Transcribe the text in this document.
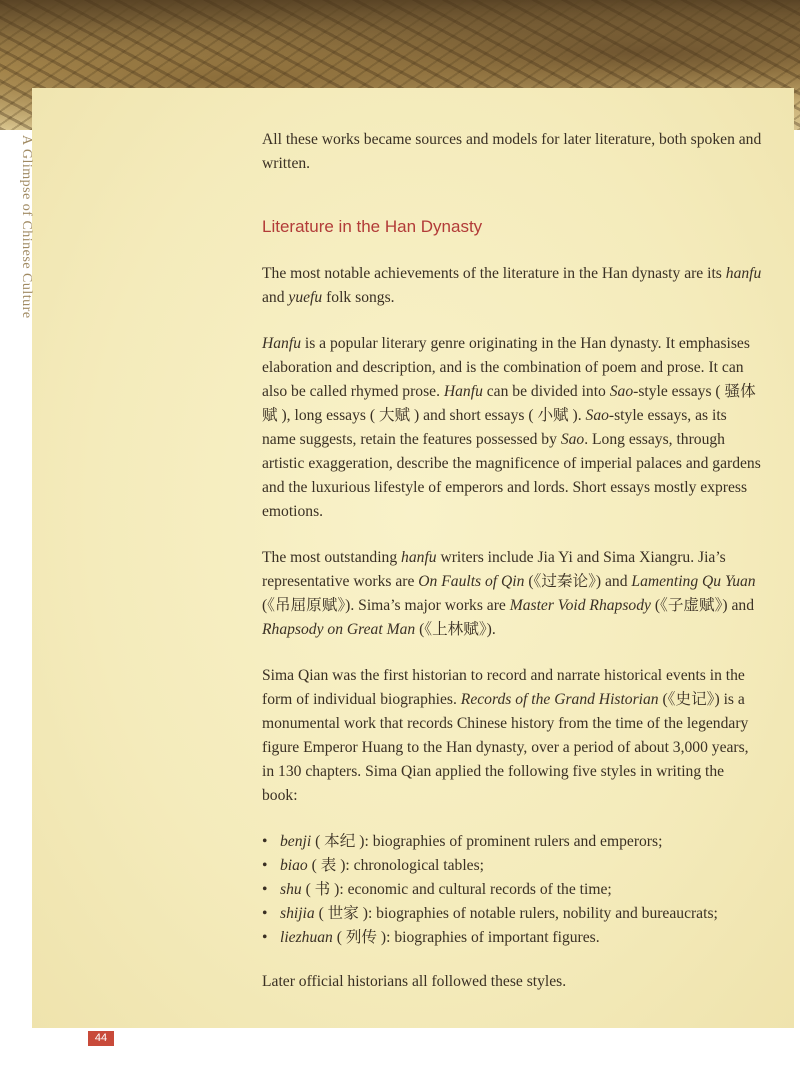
A Glimpse of Chinese Culture	All these works became sources and models for later literature, both spoken and written.

Literature in the Han Dynasty

The most notable achievements of the literature in the Han dynasty are its hanfu and yuefu folk songs.

Hanfu is a popular literary genre originating in the Han dynasty. It emphasises elaboration and description, and is the combination of poem and prose. It can also be called rhymed prose. Hanfu can be divided into Sao-style essays ( 骚体赋 ), long essays ( 大赋 ) and short essays ( 小赋 ). Sao-style essays, as its name suggests, retain the features possessed by Sao. Long essays, through artistic exaggeration, describe the magnificence of imperial palaces and gardens and the luxurious lifestyle of emperors and lords. Short essays mostly express emotions.

The most outstanding hanfu writers include Jia Yi and Sima Xiangru. Jia’s representative works are On Faults of Qin (《过秦论》) and Lamenting Qu Yuan (《吊屈原赋》). Sima’s major works are Master Void Rhapsody (《子虚赋》) and Rhapsody on Great Man (《上林赋》).

Sima Qian was the first historian to record and narrate historical events in the form of individual biographies. Records of the Grand Historian (《史记》) is a monumental work that records Chinese history from the time of the legendary figure Emperor Huang to the Han dynasty, over a period of about 3,000 years, in 130 chapters. Sima Qian applied the following five styles in writing the book:

• benji ( 本纪 ): biographies of prominent rulers and emperors;
• biao ( 表 ): chronological tables;
• shu ( 书 ): economic and cultural records of the time;
• shijia ( 世家 ): biographies of notable rulers, nobility and bureaucrats;
• liezhuan ( 列传 ): biographies of important figures.

Later official historians all followed these styles.

44
